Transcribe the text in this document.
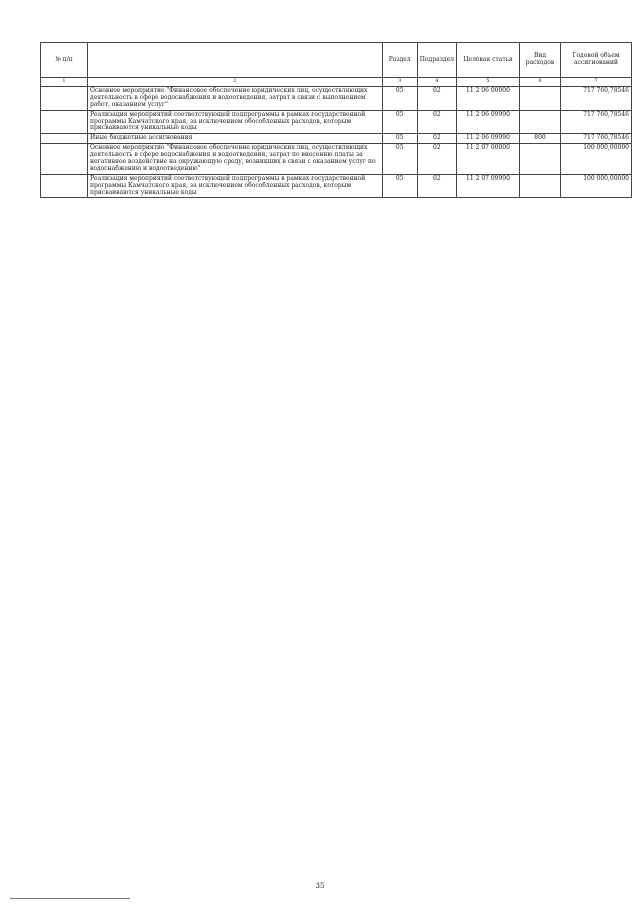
№ п/п		Раздел	Подраздел	Целевая статья	Вид расходов	Годовой объем ассигнований
1	2	3	4	5	6	7
	Основное мероприятие "Финансовое обеспечение юридических лиц, осуществляющих деятельность в сфере водоснабжения и водоотведения, затрат в связи с выполнением работ, оказанием услуг"	05	02	11 2 06 00000		717 760,78546
	Реализация мероприятий соответствующей подпрограммы в рамках государственной программы Камчатского края, за исключением обособленных расходов, которым присваиваются уникальные коды	05	02	11 2 06 09990		717 760,78546
	Иные бюджетные ассигнования	05	02	11 2 06 09990	800	717 760,78546
	Основное мероприятие "Финансовое обеспечение юридических лиц, осуществляющих деятельность в сфере водоснабжения и водоотведения, затрат по внесению платы за негативное воздействие на окружающую среду, возникших в связи с оказанием услуг по водоснабжению и водоотведению"	05	02	11 2 07 00000		100 000,00000
	Реализация мероприятий соответствующей подпрограммы в рамках государственной программы Камчатского края, за исключением обособленных расходов, которым присваиваются уникальные коды	05	02	11 2 07 09990		100 000,00000
35
